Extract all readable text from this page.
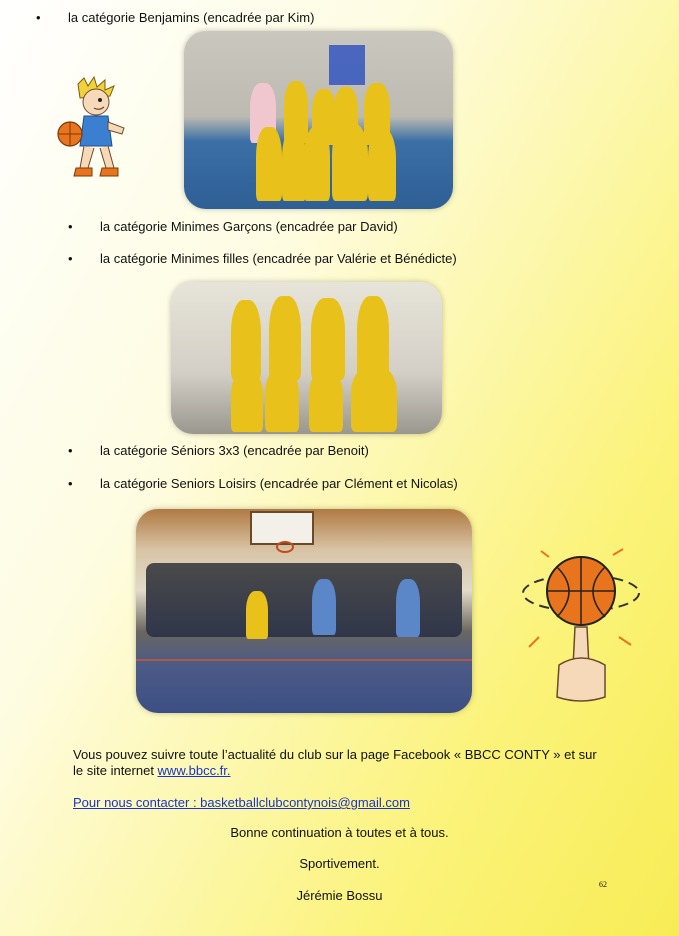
• la catégorie Benjamins (encadrée par Kim)
• la catégorie Minimes Garçons (encadrée par David)
• la catégorie Minimes filles (encadrée par Valérie et Bénédicte)
• la catégorie Séniors 3x3 (encadrée par Benoit)
• la catégorie Seniors Loisirs (encadrée par Clément et Nicolas)
Vous pouvez suivre toute l’actualité du club sur la page Facebook « BBCC CONTY » et sur
le site internet www.bbcc.fr.
Pour nous contacter : basketballclubcontynois@gmail.com
Bonne continuation à toutes et à tous.
Sportivement.
Jérémie Bossu
62
